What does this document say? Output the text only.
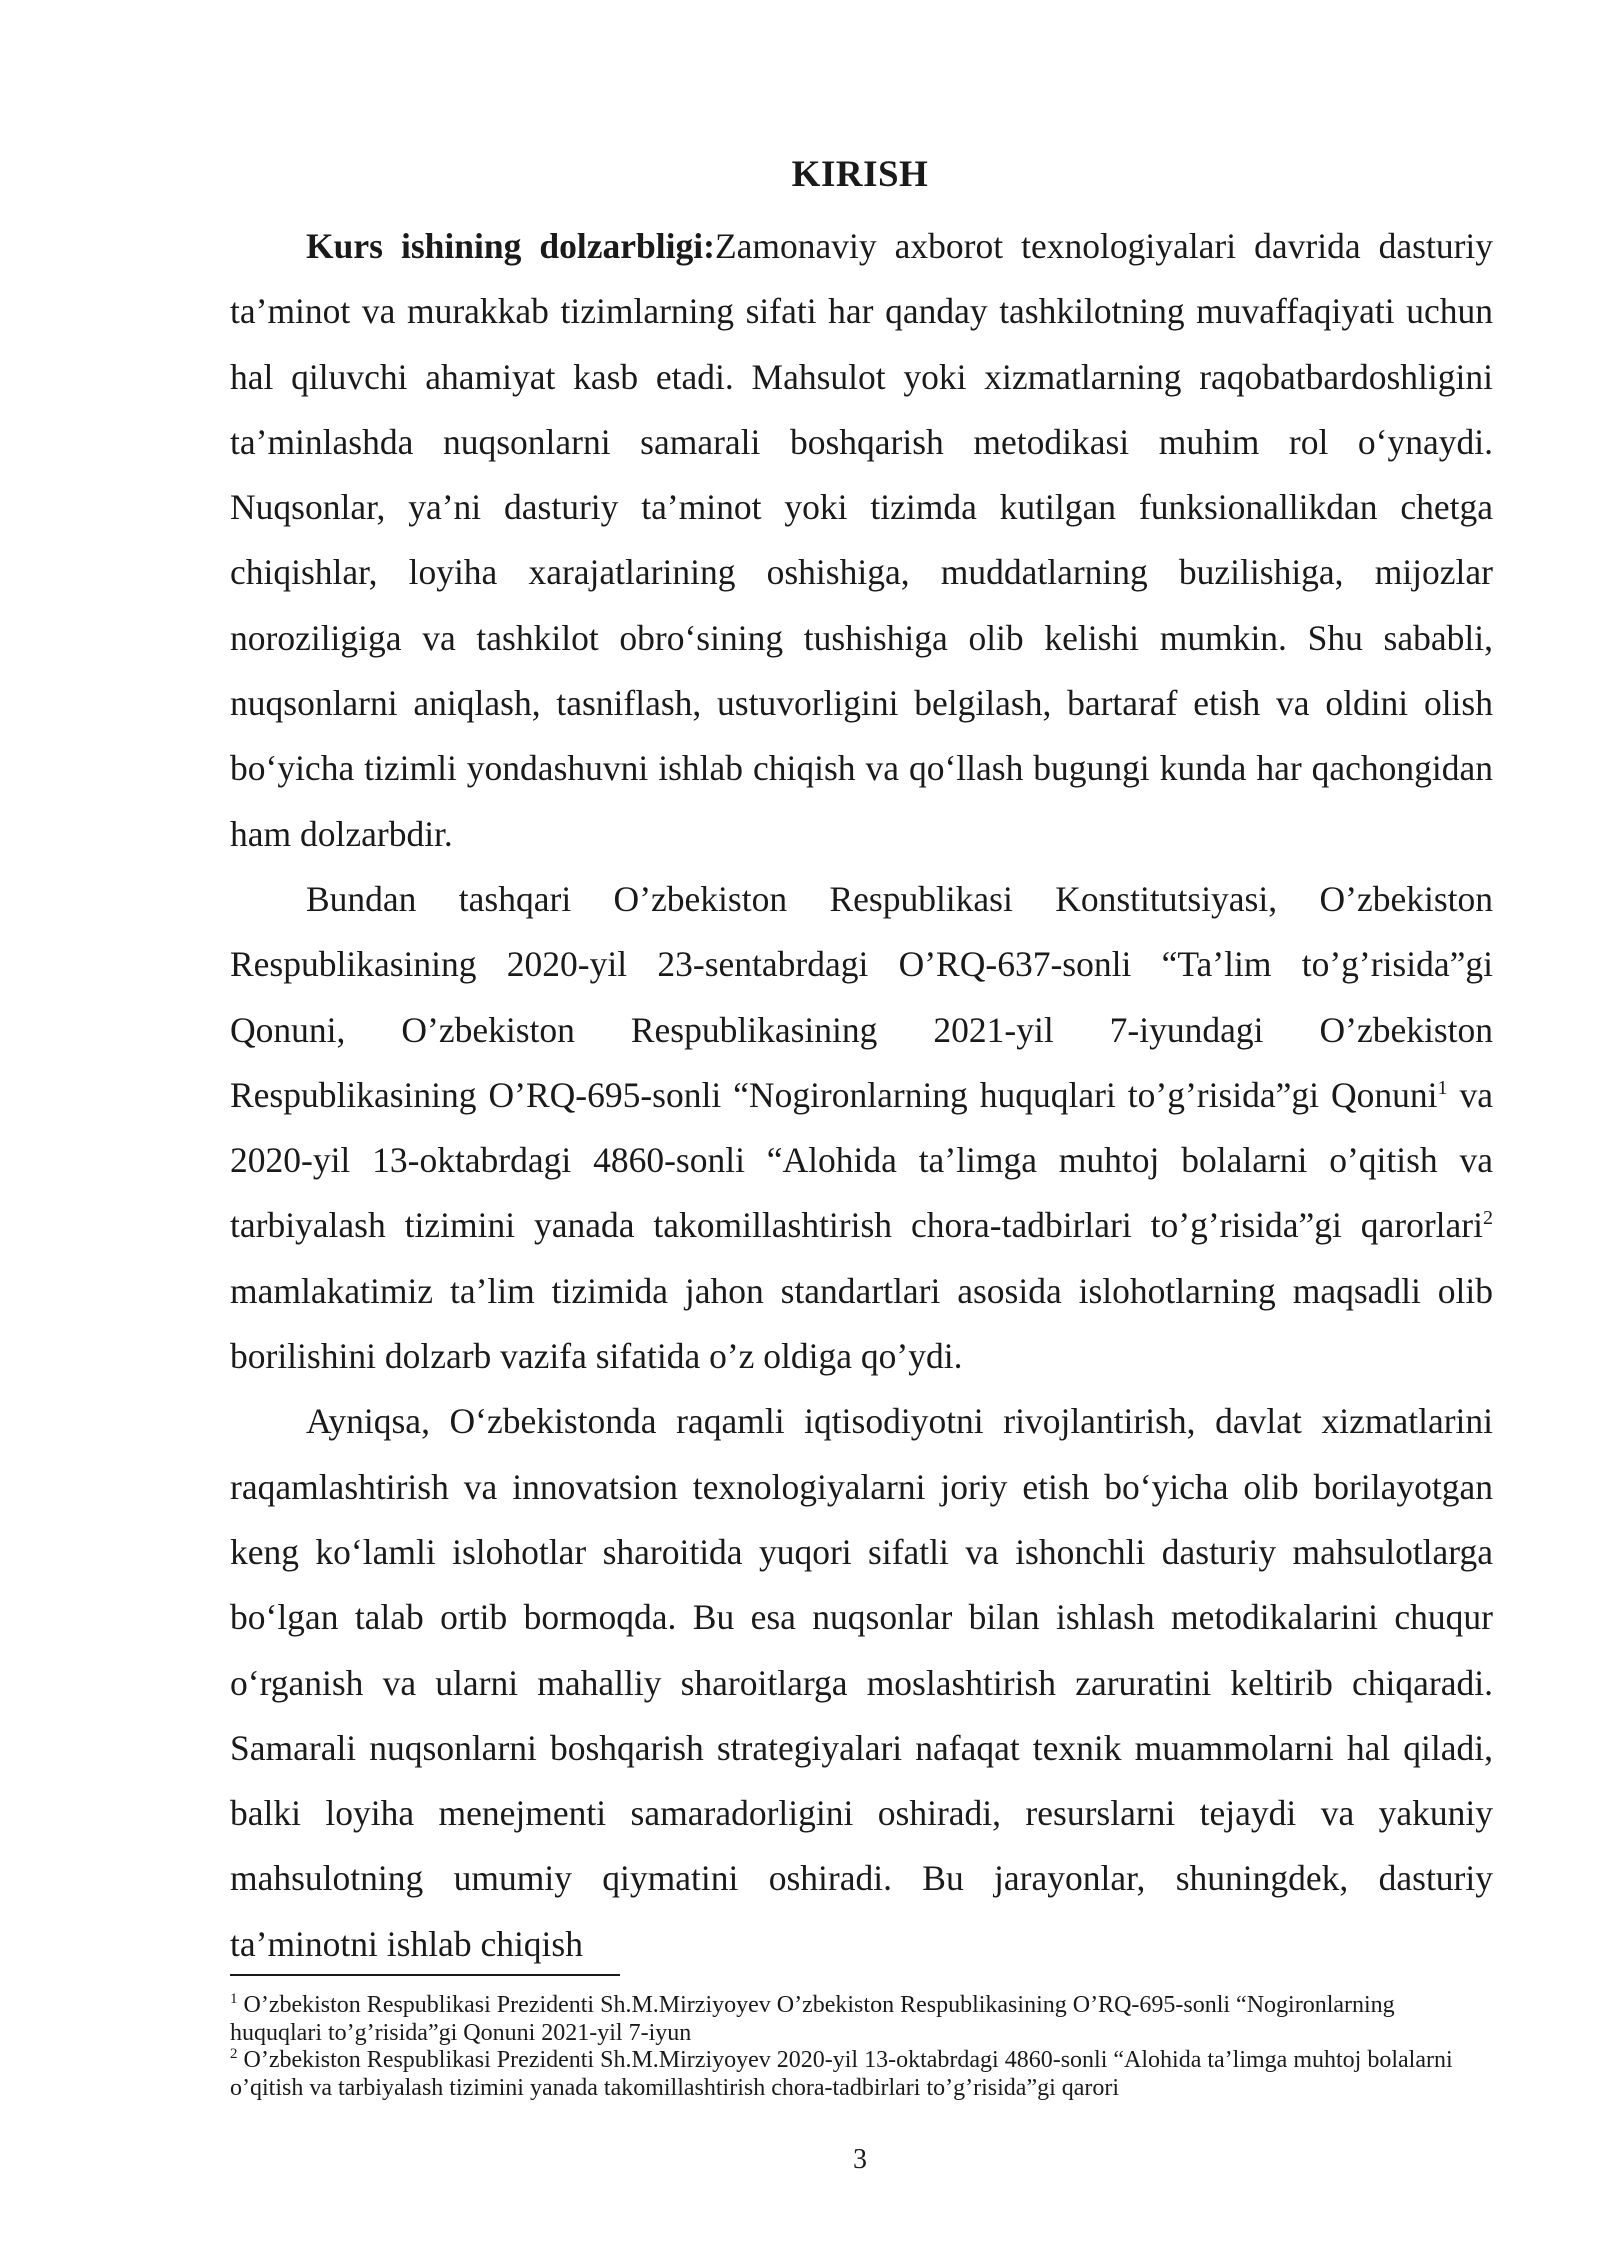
KIRISH

Kurs ishining dolzarbligi:Zamonaviy axborot texnologiyalari davrida dasturiy ta’minot va murakkab tizimlarning sifati har qanday tashkilotning muvaffaqiyati uchun hal qiluvchi ahamiyat kasb etadi. Mahsulot yoki xizmatlarning raqobatbardoshligini ta’minlashda nuqsonlarni samarali boshqarish metodikasi muhim rol o‘ynaydi. Nuqsonlar, ya’ni dasturiy ta’minot yoki tizimda kutilgan funksionallikdan chetga chiqishlar, loyiha xarajatlarining oshishiga, muddatlarning buzilishiga, mijozlar noroziligiga va tashkilot obro‘sining tushishiga olib kelishi mumkin. Shu sababli, nuqsonlarni aniqlash, tasniflash, ustuvorligini belgilash, bartaraf etish va oldini olish bo‘yicha tizimli yondashuvni ishlab chiqish va qo‘llash bugungi kunda har qachongidan ham dolzarbdir.

Bundan tashqari O’zbekiston Respublikasi Konstitutsiyasi, O’zbekiston Respublikasining 2020-yil 23-sentabrdagi O’RQ-637-sonli “Ta’lim to’g’risida”gi Qonuni, O’zbekiston Respublikasining 2021-yil 7-iyundagi O’zbekiston Respublikasining O’RQ-695-sonli “Nogironlarning huquqlari to’g’risida”gi Qonuni$^1$ va 2020-yil 13-oktabrdagi 4860-sonli “Alohida ta’limga muhtoj bolalarni o’qitish va tarbiyalash tizimini yanada takomillashtirish chora-tadbirlari to’g’risida”gi qarorlari$^2$ mamlakatimiz ta’lim tizimida jahon standartlari asosida islohotlarning maqsadli olib borilishini dolzarb vazifa sifatida o’z oldiga qo’ydi.

Ayniqsa, O‘zbekistonda raqamli iqtisodiyotni rivojlantirish, davlat xizmatlarini raqamlashtirish va innovatsion texnologiyalarni joriy etish bo‘yicha olib borilayotgan keng ko‘lamli islohotlar sharoitida yuqori sifatli va ishonchli dasturiy mahsulotlarga bo‘lgan talab ortib bormoqda. Bu esa nuqsonlar bilan ishlash metodikalarini chuqur o‘rganish va ularni mahalliy sharoitlarga moslashtirish zaruratini keltirib chiqaradi. Samarali nuqsonlarni boshqarish strategiyalari nafaqat texnik muammolarni hal qiladi, balki loyiha menejmenti samaradorligini oshiradi, resurslarni tejaydi va yakuniy mahsulotning umumiy qiymatini oshiradi. Bu jarayonlar, shuningdek, dasturiy ta’minotni ishlab chiqish

$^1$ O’zbekiston Respublikasi Prezidenti Sh.M.Mirziyoyev O’zbekiston Respublikasining O’RQ-695-sonli “Nogironlarning huquqlari to’g’risida”gi Qonuni 2021-yil 7-iyun

$^2$ O’zbekiston Respublikasi Prezidenti Sh.M.Mirziyoyev 2020-yil 13-oktabrdagi 4860-sonli “Alohida ta’limga muhtoj bolalarni o’qitish va tarbiyalash tizimini yanada takomillashtirish chora-tadbirlari to’g’risida”gi qarori

3
